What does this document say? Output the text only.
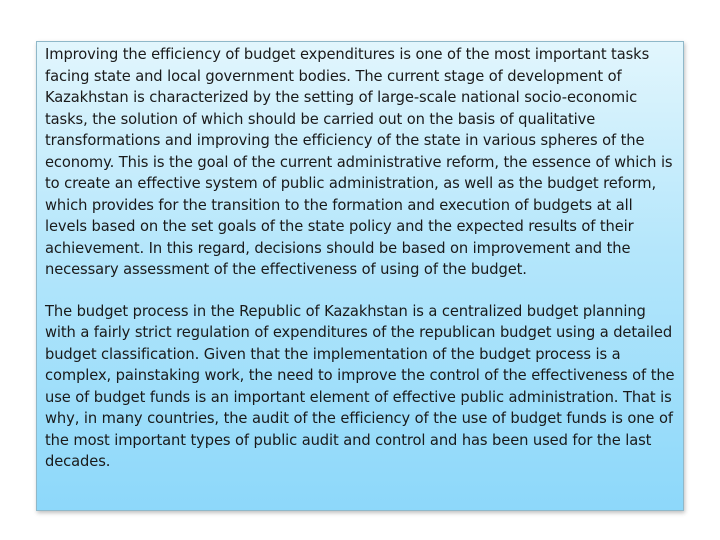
Improving the efficiency of budget expenditures is one of the most important tasks facing state and local government bodies. The current stage of development of Kazakhstan is characterized by the setting of large-scale national socio-economic tasks, the solution of which should be carried out on the basis of qualitative transformations and improving the efficiency of the state in various spheres of the economy. This is the goal of the current administrative reform, the essence of which is to create an effective system of public administration, as well as the budget reform, which provides for the transition to the formation and execution of budgets at all levels based on the set goals of the state policy and the expected results of their achievement. In this regard, decisions should be based on improvement and the necessary assessment of the effectiveness of using of the budget.

The budget process in the Republic of Kazakhstan is a centralized budget planning with a fairly strict regulation of expenditures of the republican budget using a detailed budget classification. Given that the implementation of the budget process is a complex, painstaking work, the need to improve the control of the effectiveness of the use of budget funds is an important element of effective public administration. That is why, in many countries, the audit of the efficiency of the use of budget funds is one of the most important types of public audit and control and has been used for the last decades.
